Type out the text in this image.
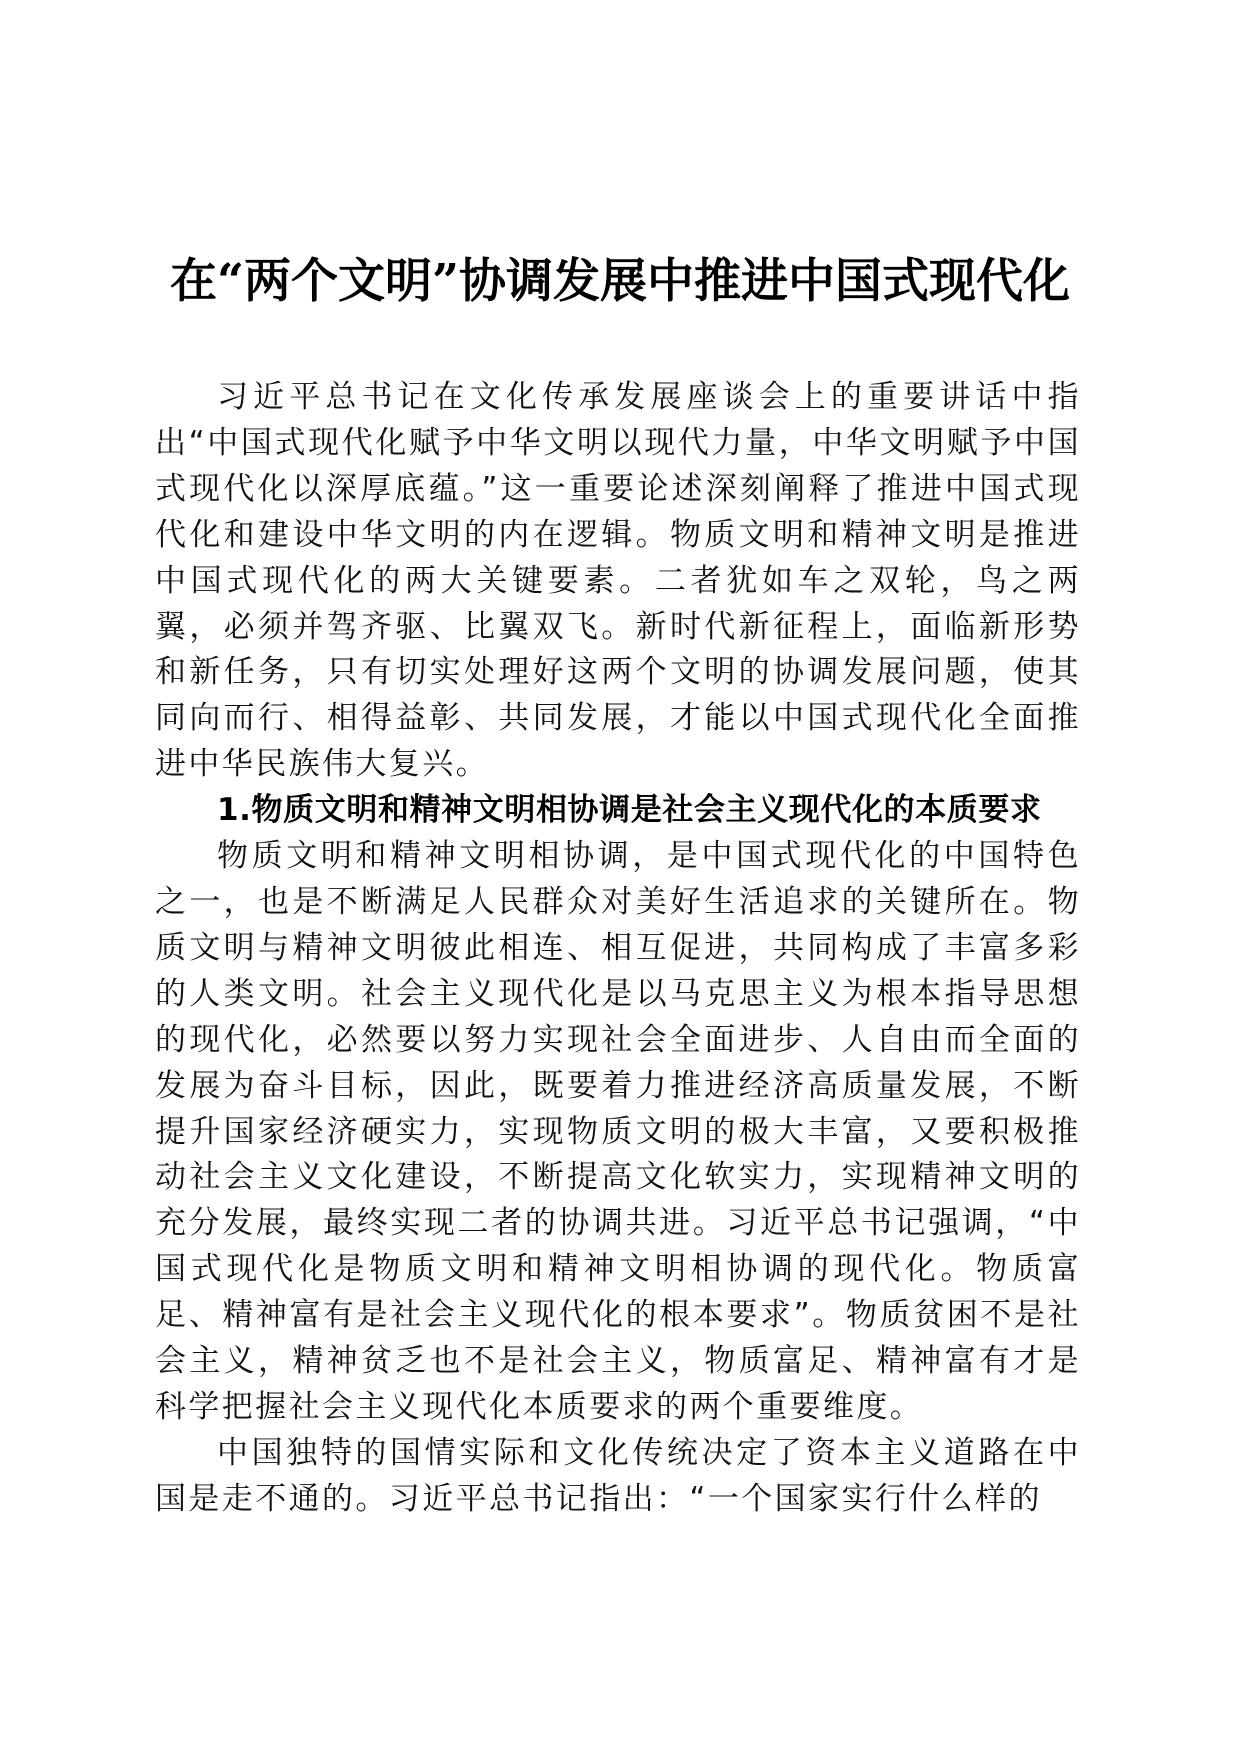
在“两个文明”协调发展中推进中国式现代化

习近平总书记在文化传承发展座谈会上的重要讲话中指出“中国式现代化赋予中华文明以现代力量，中华文明赋予中国式现代化以深厚底蕴。”这一重要论述深刻阐释了推进中国式现代化和建设中华文明的内在逻辑。物质文明和精神文明是推进中国式现代化的两大关键要素。二者犹如车之双轮，鸟之两翼，必须并驾齐驱、比翼双飞。新时代新征程上，面临新形势和新任务，只有切实处理好这两个文明的协调发展问题，使其同向而行、相得益彰、共同发展，才能以中国式现代化全面推进中华民族伟大复兴。

1.物质文明和精神文明相协调是社会主义现代化的本质要求

物质文明和精神文明相协调，是中国式现代化的中国特色之一，也是不断满足人民群众对美好生活追求的关键所在。物质文明与精神文明彼此相连、相互促进，共同构成了丰富多彩的人类文明。社会主义现代化是以马克思主义为根本指导思想的现代化，必然要以努力实现社会全面进步、人自由而全面的发展为奋斗目标，因此，既要着力推进经济高质量发展，不断提升国家经济硬实力，实现物质文明的极大丰富，又要积极推动社会主义文化建设，不断提高文化软实力，实现精神文明的充分发展，最终实现二者的协调共进。习近平总书记强调，“中国式现代化是物质文明和精神文明相协调的现代化。物质富足、精神富有是社会主义现代化的根本要求”。物质贫困不是社会主义，精神贫乏也不是社会主义，物质富足、精神富有才是科学把握社会主义现代化本质要求的两个重要维度。

中国独特的国情实际和文化传统决定了资本主义道路在中国是走不通的。习近平总书记指出：“一个国家实行什么样的
